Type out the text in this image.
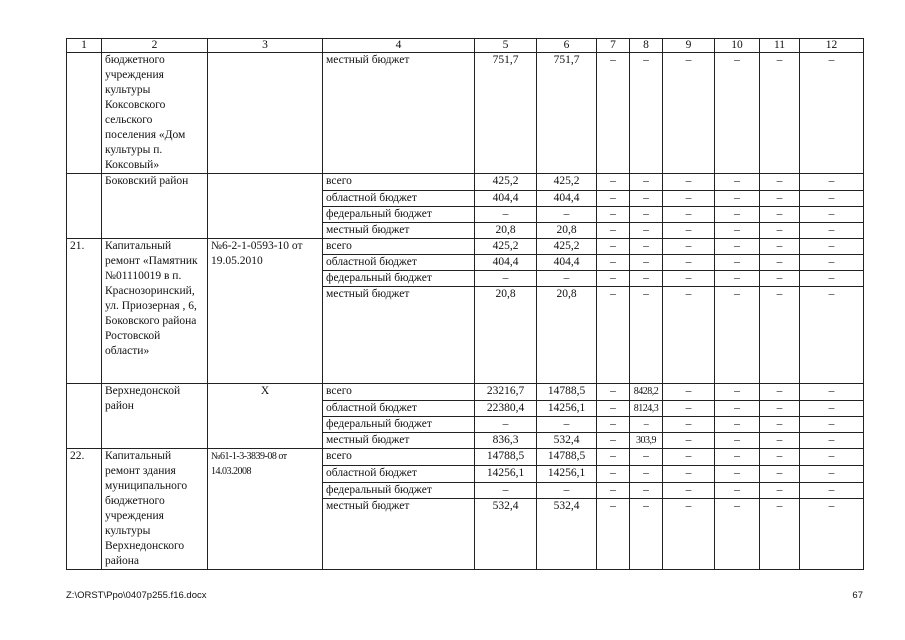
1	2	3	4	5	6	7	8	9	10	11	12
	бюджетного учреждения культуры Коксовского сельского поселения «Дом культуры п. Коксовый»		местный бюджет	751,7	751,7	–	–	–	–	–	–
	Боковский район		всего	425,2	425,2	–	–	–	–	–	–
			областной бюджет	404,4	404,4	–	–	–	–	–	–
			федеральный бюджет	–	–	–	–	–	–	–	–
			местный бюджет	20,8	20,8	–	–	–	–	–	–
21.	Капитальный ремонт «Памятник №01110019 в п. Краснозоринский, ул. Приозерная , 6, Боковского района Ростовской области»	№6-2-1-0593-10 от 19.05.2010	всего	425,2	425,2	–	–	–	–	–	–
			областной бюджет	404,4	404,4	–	–	–	–	–	–
			федеральный бюджет	–	–	–	–	–	–	–	–
			местный бюджет	20,8	20,8	–	–	–	–	–	–
	Верхнедонской район	Х	всего	23216,7	14788,5	–	8428,2	–	–	–	–
			областной бюджет	22380,4	14256,1	–	8124,3	–	–	–	–
			федеральный бюджет	–	–	–	–	–	–	–	–
			местный бюджет	836,3	532,4	–	303,9	–	–	–	–
22.	Капитальный ремонт здания муниципального бюджетного учреждения культуры Верхнедонского района	№61-1-3-3839-08 от 14.03.2008	всего	14788,5	14788,5	–	–	–	–	–	–
			областной бюджет	14256,1	14256,1	–	–	–	–	–	–
			федеральный бюджет	–	–	–	–	–	–	–	–
			местный бюджет	532,4	532,4	–	–	–	–	–	–
Z:\ORST\Ppo\0407p255.f16.docx	67
